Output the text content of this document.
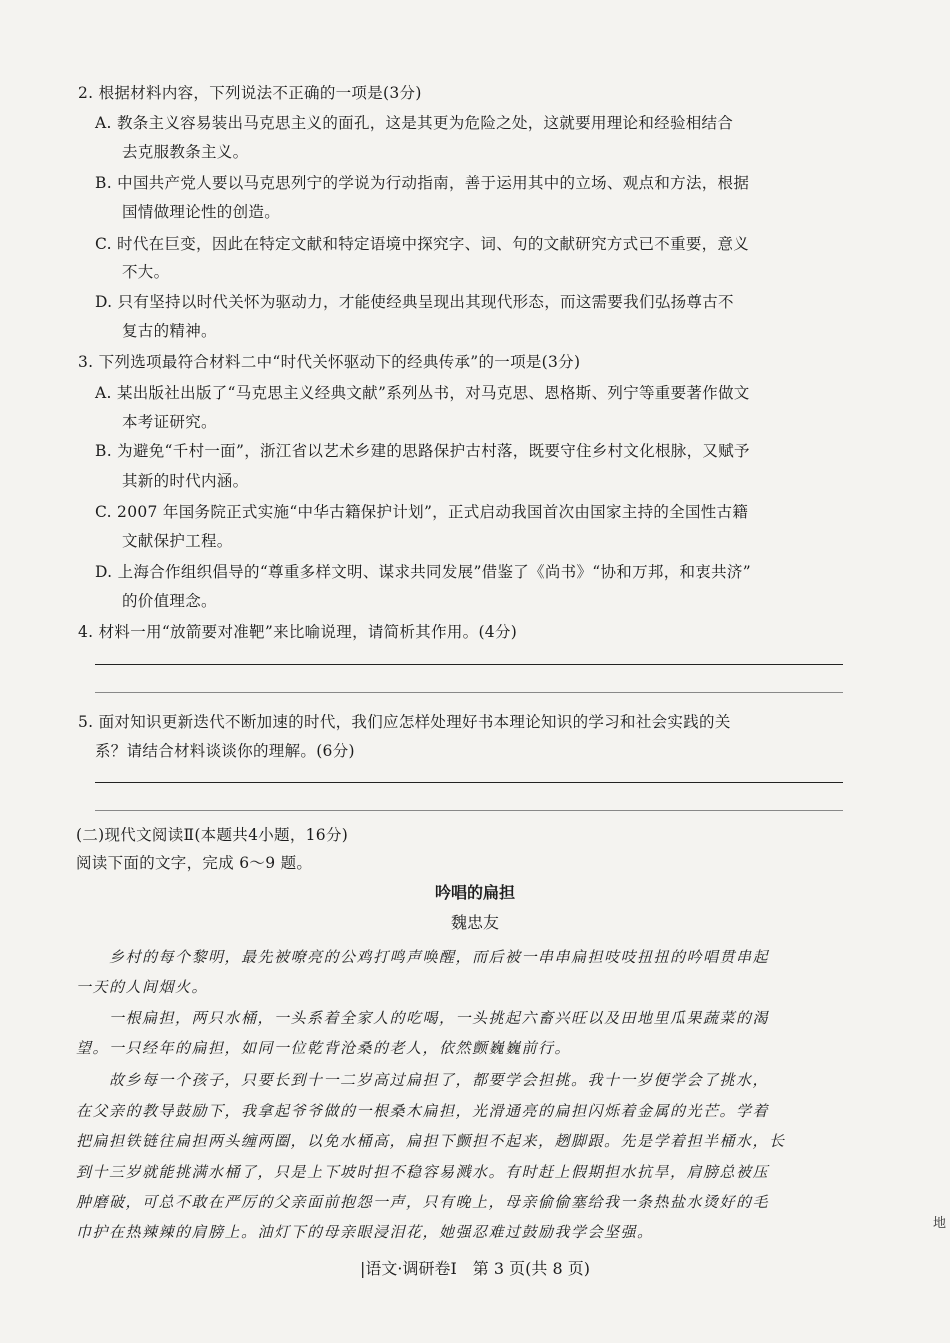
2. 根据材料内容，下列说法不正确的一项是(3分)
A. 教条主义容易装出马克思主义的面孔，这是其更为危险之处，这就要用理论和经验相结合
去克服教条主义。
B. 中国共产党人要以马克思列宁的学说为行动指南，善于运用其中的立场、观点和方法，根据
国情做理论性的创造。
C. 时代在巨变，因此在特定文献和特定语境中探究字、词、句的文献研究方式已不重要，意义
不大。
D. 只有坚持以时代关怀为驱动力，才能使经典呈现出其现代形态，而这需要我们弘扬尊古不
复古的精神。
3. 下列选项最符合材料二中“时代关怀驱动下的经典传承”的一项是(3分)
A. 某出版社出版了“马克思主义经典文献”系列丛书，对马克思、恩格斯、列宁等重要著作做文
本考证研究。
B. 为避免“千村一面”，浙江省以艺术乡建的思路保护古村落，既要守住乡村文化根脉，又赋予
其新的时代内涵。
C. 2007 年国务院正式实施“中华古籍保护计划”，正式启动我国首次由国家主持的全国性古籍
文献保护工程。
D. 上海合作组织倡导的“尊重多样文明、谋求共同发展”借鉴了《尚书》“协和万邦，和衷共济”
的价值理念。
4. 材料一用“放箭要对准靶”来比喻说理，请简析其作用。(4分)
5. 面对知识更新迭代不断加速的时代，我们应怎样处理好书本理论知识的学习和社会实践的关
系？请结合材料谈谈你的理解。(6分)
(二)现代文阅读Ⅱ(本题共4小题，16分)
阅读下面的文字，完成 6～9 题。
吟唱的扁担
魏忠友
　　乡村的每个黎明，最先被嘹亮的公鸡打鸣声唤醒，而后被一串串扁担吱吱扭扭的吟唱贯串起
一天的人间烟火。
　　一根扁担，两只水桶，一头系着全家人的吃喝，一头挑起六畜兴旺以及田地里瓜果蔬菜的渴
望。一只经年的扁担，如同一位乾背沧桑的老人，依然颤巍巍前行。
　　故乡每一个孩子，只要长到十一二岁高过扁担了，都要学会担挑。我十一岁便学会了挑水，
在父亲的教导鼓励下，我拿起爷爷做的一根桑木扁担，光滑通亮的扁担闪烁着金属的光芒。学着
把扁担铁链往扁担两头缠两圈，以免水桶高，扁担下颤担不起来，趔脚跟。先是学着担半桶水，长
到十三岁就能挑满水桶了，只是上下坡时担不稳容易溅水。有时赶上假期担水抗旱，肩膀总被压
肿磨破，可总不敢在严厉的父亲面前抱怨一声，只有晚上，母亲偷偷塞给我一条热盐水烫好的毛
巾护在热辣辣的肩膀上。油灯下的母亲眼浸泪花，她强忍难过鼓励我学会坚强。	地
|语文·调研卷Ⅰ　第 3 页(共 8 页)
